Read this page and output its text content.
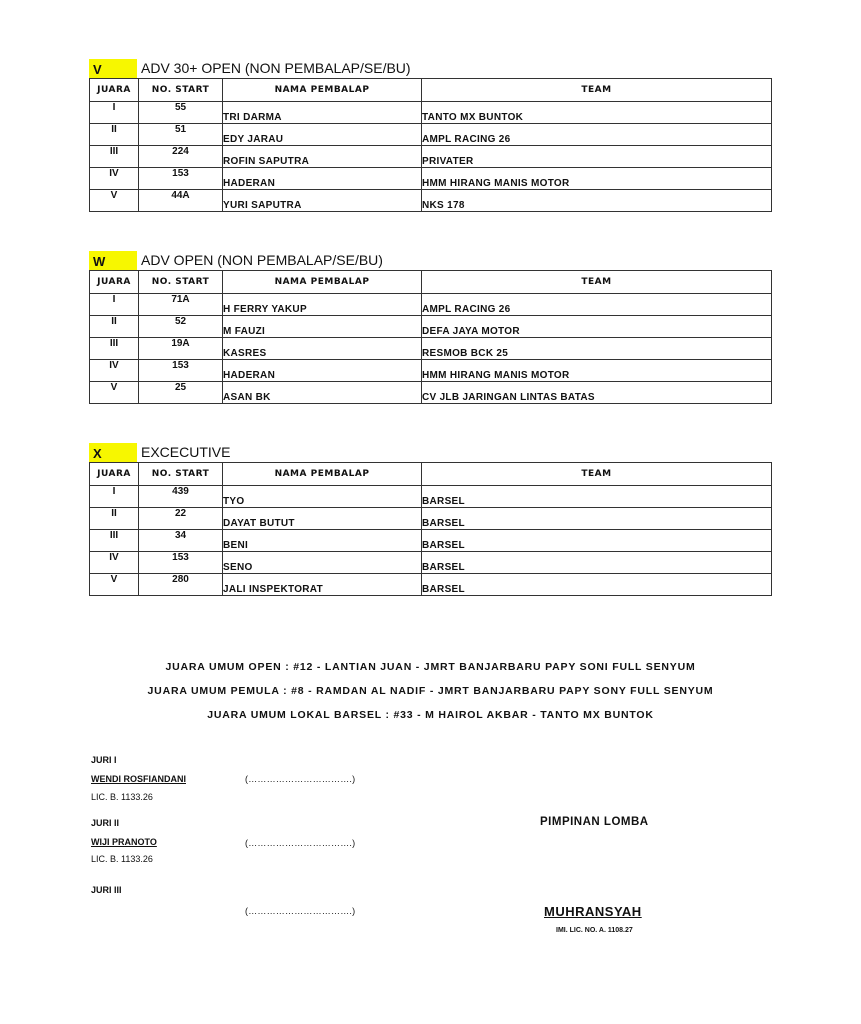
V	ADV 30+ OPEN (NON PEMBALAP/SE/BU)
JUARA	NO. START	NAMA PEMBALAP	TEAM
I	55	TRI DARMA	TANTO MX BUNTOK
II	51	EDY JARAU	AMPL RACING 26
III	224	ROFIN SAPUTRA	PRIVATER
IV	153	HADERAN	HMM HIRANG MANIS MOTOR
V	44A	YURI SAPUTRA	NKS 178
W	ADV OPEN (NON PEMBALAP/SE/BU)
JUARA	NO. START	NAMA PEMBALAP	TEAM
I	71A	H FERRY YAKUP	AMPL RACING 26
II	52	M FAUZI	DEFA JAYA MOTOR
III	19A	KASRES	RESMOB BCK 25
IV	153	HADERAN	HMM HIRANG MANIS MOTOR
V	25	ASAN BK	CV JLB JARINGAN LINTAS BATAS
X	EXCECUTIVE
JUARA	NO. START	NAMA PEMBALAP	TEAM
I	439	TYO	BARSEL
II	22	DAYAT BUTUT	BARSEL
III	34	BENI	BARSEL
IV	153	SENO	BARSEL
V	280	JALI INSPEKTORAT	BARSEL
JUARA UMUM OPEN : #12 - LANTIAN JUAN - JMRT BANJARBARU PAPY SONI FULL SENYUM
JUARA UMUM PEMULA : #8 - RAMDAN AL NADIF - JMRT BANJARBARU PAPY SONY FULL SENYUM
JUARA UMUM LOKAL BARSEL : #33 - M HAIROL AKBAR - TANTO MX BUNTOK
JURI I
WENDI ROSFIANDANI
LIC. B. 1133.26
(…………………………….)
JURI II
WIJI PRANOTO
LIC. B. 1133.26
(…………………………….)
JURI III
(…………………………….)
PIMPINAN LOMBA
MUHRANSYAH
IMI. LIC. NO. A. 1108.27
